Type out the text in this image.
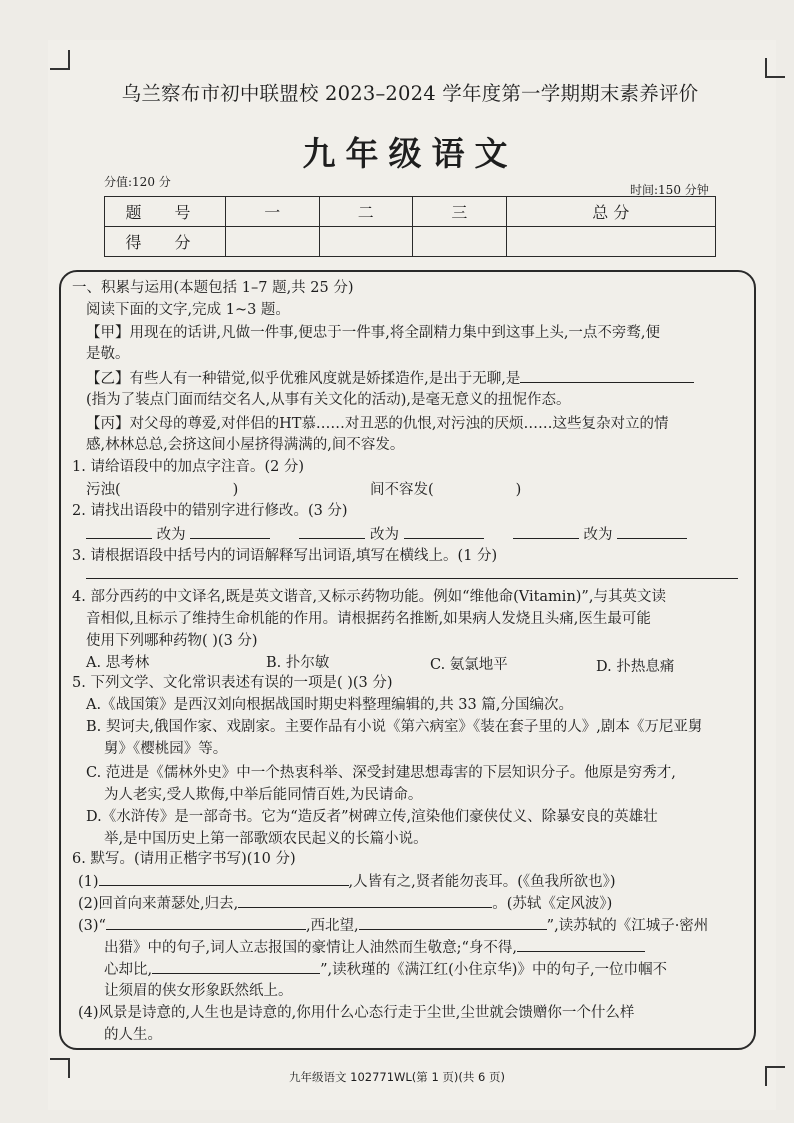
乌兰察布市初中联盟校 2023–2024 学年度第一学期期末素养评价
九年级语文
分值:120 分
时间:150 分钟
题 号	一	二	三	总 分
得 分				
一、积累与运用(本题包括 1–7 题,共 25 分)
阅读下面的文字,完成 1~3 题。
【甲】用现在的话讲,凡做一件事,便忠于一件事,将全副精力集中到这事上头,一点不旁骛,便
是敬。
【乙】有些人有一种错觉,似乎优雅风度就是娇揉造作,是出于无聊,是
(指为了装点门面而结交名人,从事有关文化的活动),是毫无意义的扭怩作态。
【丙】对父母的尊爱,对伴侣的HT慕……对丑恶的仇恨,对污浊的厌烦……这些复杂对立的情
感,林林总总,会挤这间小屋挤得满满的,间不容发。
1. 请给语段中的加点字注音。(2 分)
污浊(	)	间不容发(	)
2. 请找出语段中的错别字进行修改。(3 分)
改为	改为	改为
3. 请根据语段中括号内的词语解释写出词语,填写在横线上。(1 分)
4. 部分西药的中文译名,既是英文谐音,又标示药物功能。例如“维他命(Vitamin)”,与其英文读
音相似,且标示了维持生命机能的作用。请根据药名推断,如果病人发烧且头痛,医生最可能
使用下列哪种药物( )(3 分)
A. 思考林	B. 扑尔敏	C. 氨氯地平	D. 扑热息痛
5. 下列文学、文化常识表述有误的一项是( )(3 分)
A.《战国策》是西汉刘向根据战国时期史料整理编辑的,共 33 篇,分国编次。
B. 契诃夫,俄国作家、戏剧家。主要作品有小说《第六病室》《装在套子里的人》,剧本《万尼亚舅
舅》《樱桃园》等。
C. 范进是《儒林外史》中一个热衷科举、深受封建思想毒害的下层知识分子。他原是穷秀才,
为人老实,受人欺侮,中举后能同情百姓,为民请命。
D.《水浒传》是一部奇书。它为“造反者”树碑立传,渲染他们豪侠仗义、除暴安良的英雄壮
举,是中国历史上第一部歌颂农民起义的长篇小说。
6. 默写。(请用正楷字书写)(10 分)
(1)	,人皆有之,贤者能勿丧耳。(《鱼我所欲也》)
(2)回首向来萧瑟处,归去,	。(苏轼《定风波》)
(3)“	,西北望,	”,读苏轼的《江城子·密州
出猎》中的句子,词人立志报国的豪情让人油然而生敬意;“身不得,
心却比,	”,读秋瑾的《满江红(小住京华)》中的句子,一位巾帼不
让须眉的侠女形象跃然纸上。
(4)风景是诗意的,人生也是诗意的,你用什么心态行走于尘世,尘世就会馈赠你一个什么样
的人生。
九年级语文 102771WL(第 1 页)(共 6 页)
